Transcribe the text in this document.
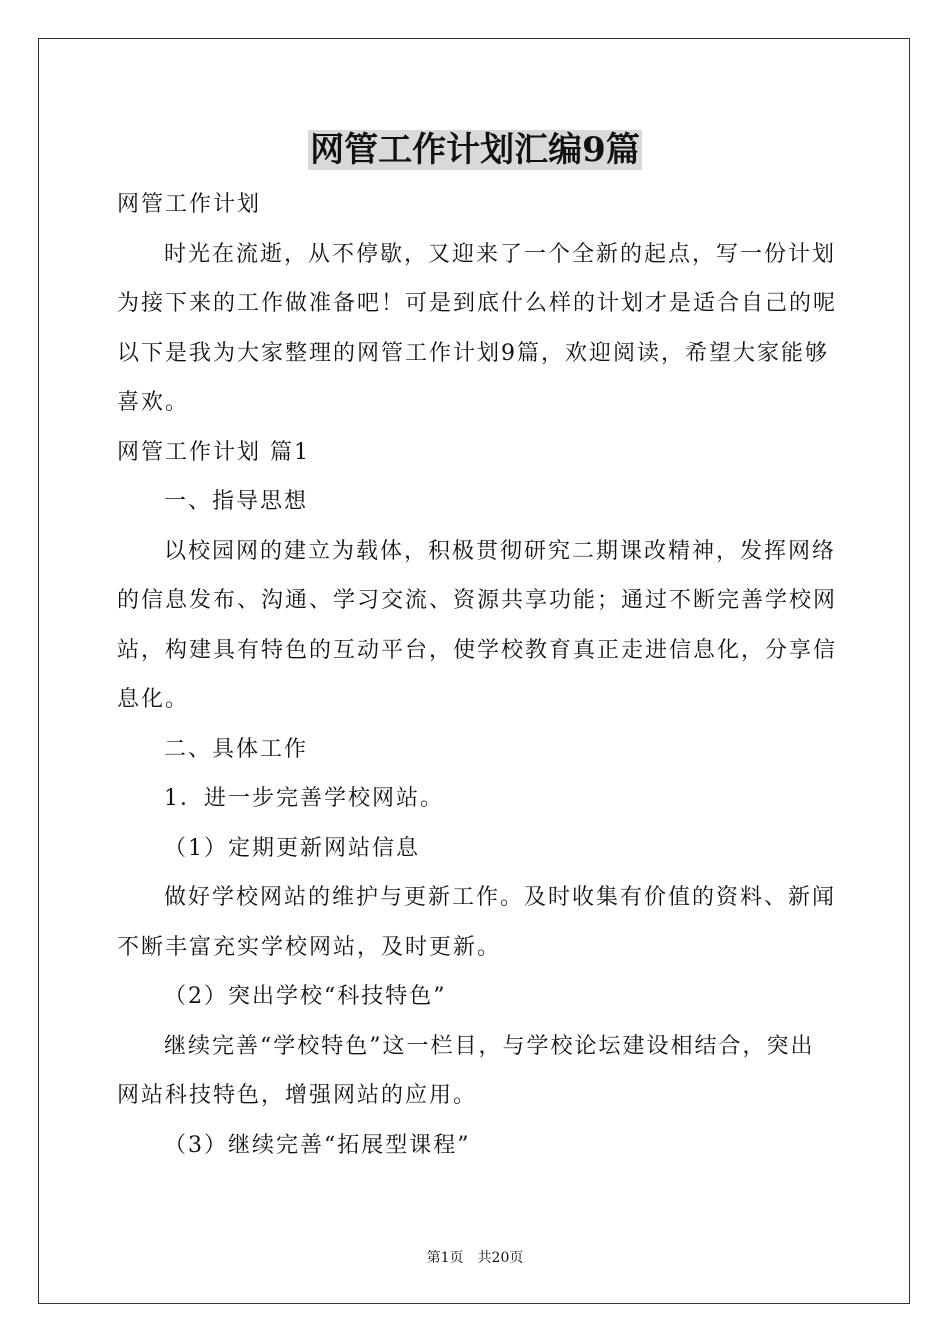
网管工作计划汇编9篇

网管工作计划

时光在流逝，从不停歇，又迎来了一个全新的起点，写一份计划

为接下来的工作做准备吧！可是到底什么样的计划才是适合自己的呢

以下是我为大家整理的网管工作计划9篇，欢迎阅读，希望大家能够

喜欢。

网管工作计划 篇1

一、指导思想

以校园网的建立为载体，积极贯彻研究二期课改精神，发挥网络

的信息发布、沟通、学习交流、资源共享功能；通过不断完善学校网

站，构建具有特色的互动平台，使学校教育真正走进信息化，分享信

息化。

二、具体工作

1．进一步完善学校网站。

（1）定期更新网站信息

做好学校网站的维护与更新工作。及时收集有价值的资料、新闻

不断丰富充实学校网站，及时更新。

（2）突出学校“科技特色”

继续完善“学校特色”这一栏目，与学校论坛建设相结合，突出

网站科技特色，增强网站的应用。

（3）继续完善“拓展型课程”

第1页　共20页
